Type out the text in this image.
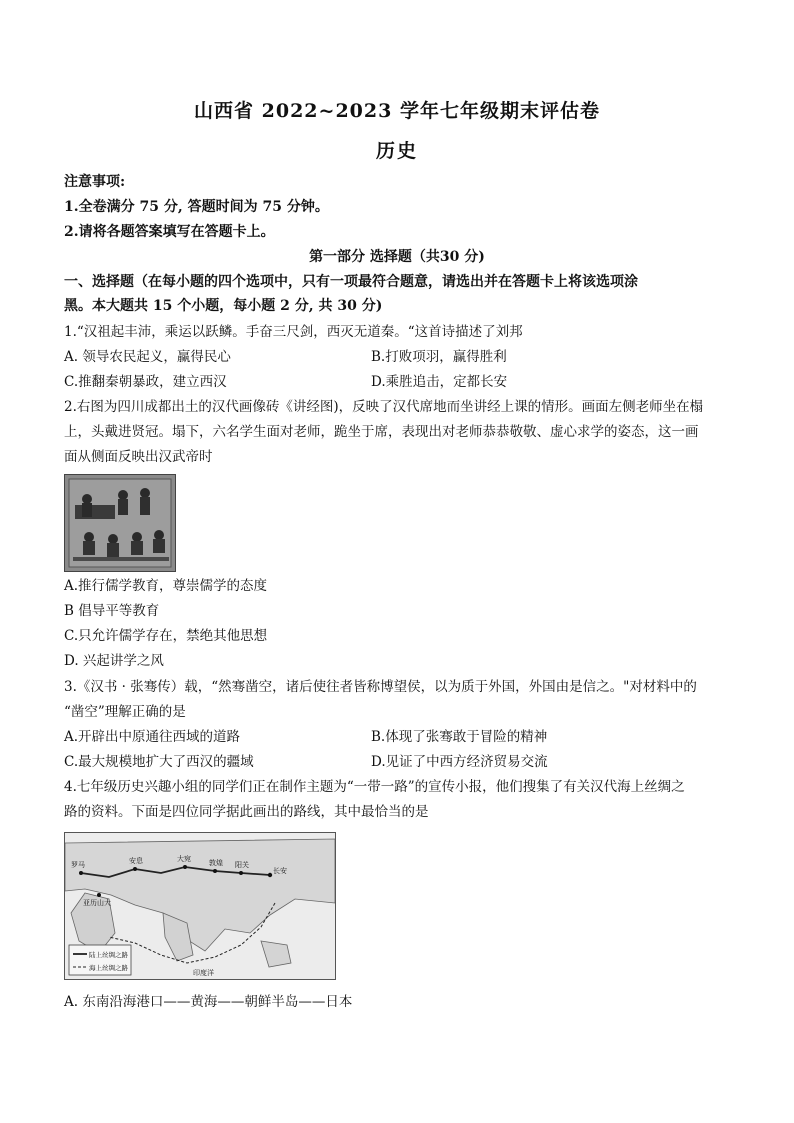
山西省 2022~2023 学年七年级期末评估卷
历史
注意事项:
1.全卷满分 75 分, 答题时间为 75 分钟。
2.请将各题答案填写在答题卡上。
第一部分 选择题（共30 分)
一、选择题（在每小题的四个选项中，只有一项最符合题意，请选出并在答题卡上将该选项涂
黑。本大题共 15 个小题，每小题 2 分, 共 30 分)
1.“汉祖起丰沛，乘运以跃鳞。手奋三尺剑，西灭无道秦。“这首诗描述了刘邦
A. 领导农民起义，赢得民心	B.打败项羽，赢得胜利
C.推翻秦朝暴政，建立西汉	D.乘胜追击，定都长安
2.右图为四川成都出土的汉代画像砖《讲经图)，反映了汉代席地而坐讲经上课的情形。画面左侧老师坐在榻
上，头戴进贤冠。塌下，六名学生面对老师，跪坐于席，表现出对老师恭恭敬敬、虚心求学的姿态，这一画
面从侧面反映出汉武帝时
A.推行儒学教育，尊崇儒学的态度
B 倡导平等教育
C.只允许儒学存在，禁绝其他思想
D. 兴起讲学之风
3.《汉书 · 张骞传）载，“然骞凿空，诸后使往者皆称博望侯，以为质于外国，外国由是信之。"对材料中的
“凿空”理解正确的是
A.开辟出中原通往西域的道路	B.体现了张骞敢于冒险的精神
C.最大规模地扩大了西汉的疆域	D.见证了中西方经济贸易交流
4.七年级历史兴趣小组的同学们正在制作主题为“一带一路”的宣传小报，他们搜集了有关汉代海上丝绸之
路的资料。下面是四位同学据此画出的路线，其中最恰当的是
长安
阳关
敦煌
大宛
安息
罗马
亚历山大
印度洋
陆上丝绸之路
海上丝绸之路
A. 东南沿海港口——黄海——朝鲜半岛——日本
